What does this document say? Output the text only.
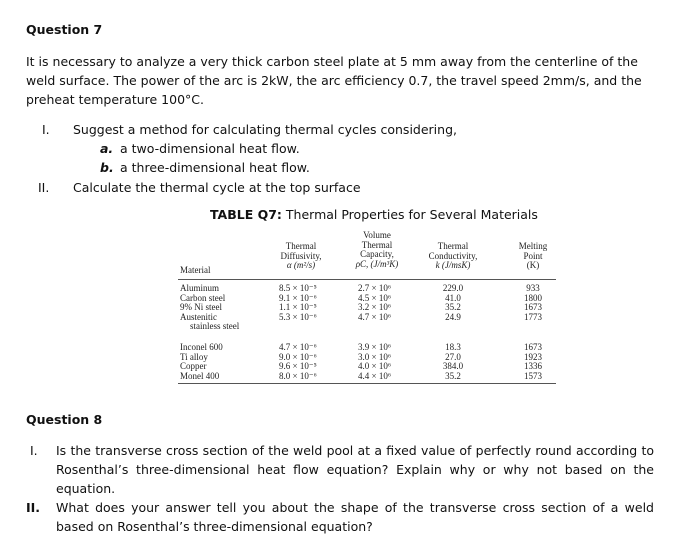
Question 7
It is necessary to analyze a very thick carbon steel plate at 5 mm away from the centerline of the weld surface. The power of the arc is 2kW, the arc efficiency 0.7, the travel speed 2mm/s, and the preheat temperature 100°C.
I. Suggest a method for calculating thermal cycles considering,
a. a two-dimensional heat flow.
b. a three-dimensional heat flow.
II. Calculate the thermal cycle at the top surface
TABLE Q7: Thermal Properties for Several Materials
Material
Thermal
Diffusivity,
α (m²/s)
Volume
Thermal
Capacity,
ρC, (J/m³K)
Thermal
Conductivity,
k (J/msK)
Melting
Point
(K)
Aluminum
Carbon steel
9% Ni steel
Austenitic
stainless steel
8.5 × 10⁻⁵
9.1 × 10⁻⁶
1.1 × 10⁻⁵
5.3 × 10⁻⁶
2.7 × 10⁶
4.5 × 10⁶
3.2 × 10⁶
4.7 × 10⁶
229.0
41.0
35.2
24.9
933
1800
1673
1773
Inconel 600
Ti alloy
Copper
Monel 400
4.7 × 10⁻⁶
9.0 × 10⁻⁶
9.6 × 10⁻⁵
8.0 × 10⁻⁶
3.9 × 10⁶
3.0 × 10⁶
4.0 × 10⁶
4.4 × 10⁶
18.3
27.0
384.0
35.2
1673
1923
1336
1573
Question 8
I. Is the transverse cross section of the weld pool at a fixed value of perfectly round according to Rosenthal’s three-dimensional heat flow equation? Explain why or why not based on the equation.
II. What does your answer tell you about the shape of the transverse cross section of a weld based on Rosenthal’s three-dimensional equation?
